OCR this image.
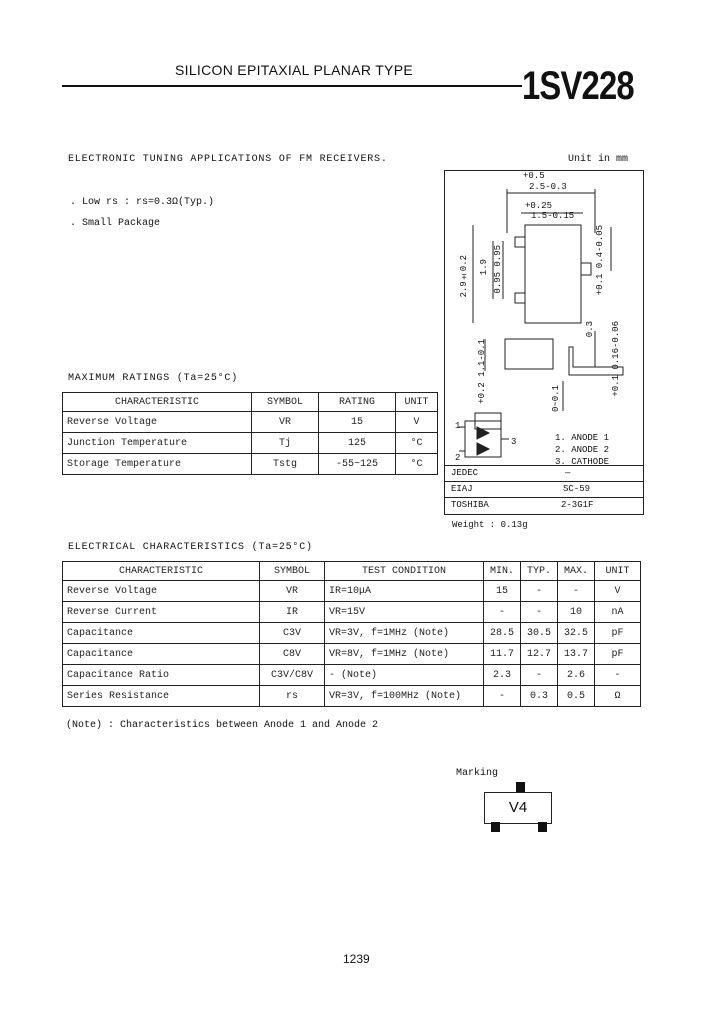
SILICON EPITAXIAL PLANAR TYPE	1SV228
ELECTRONIC TUNING APPLICATIONS OF FM RECEIVERS.	Unit in mm
. Low rs : rs=0.3Ω(Typ.)
. Small Package
MAXIMUM RATINGS (Ta=25°C)
CHARACTERISTIC	SYMBOL	RATING	UNIT
Reverse Voltage	VR	15	V
Junction Temperature	Tj	125	°C
Storage Temperature	Tstg	-55~125	°C
+0.5
2.5-0.3
+0.25
1.5-0.15
+0.1 0.4-0.05
2.9±0.2 1.9 0.95 0.95
+0.2 1.1-0.1
0.3 +0.1 0.16-0.06
0~0.1
1
2
3	1. ANODE 1
2. ANODE 2
3. CATHODE
JEDEC	―
EIAJ	SC-59
TOSHIBA	2-3G1F
Weight : 0.13g
ELECTRICAL CHARACTERISTICS (Ta=25°C)
CHARACTERISTIC	SYMBOL	TEST CONDITION	MIN.	TYP.	MAX.	UNIT
Reverse Voltage	VR	IR=10μA	15	-	-	V
Reverse Current	IR	VR=15V	-	-	10	nA
Capacitance	C3V	VR=3V, f=1MHz (Note)	28.5	30.5	32.5	pF
Capacitance	C8V	VR=8V, f=1MHz (Note)	11.7	12.7	13.7	pF
Capacitance Ratio	C3V/C8V	- (Note)	2.3	-	2.6	-
Series Resistance	rs	VR=3V, f=100MHz (Note)	-	0.3	0.5	Ω
(Note) : Characteristics between Anode 1 and Anode 2
Marking
V4
1239
